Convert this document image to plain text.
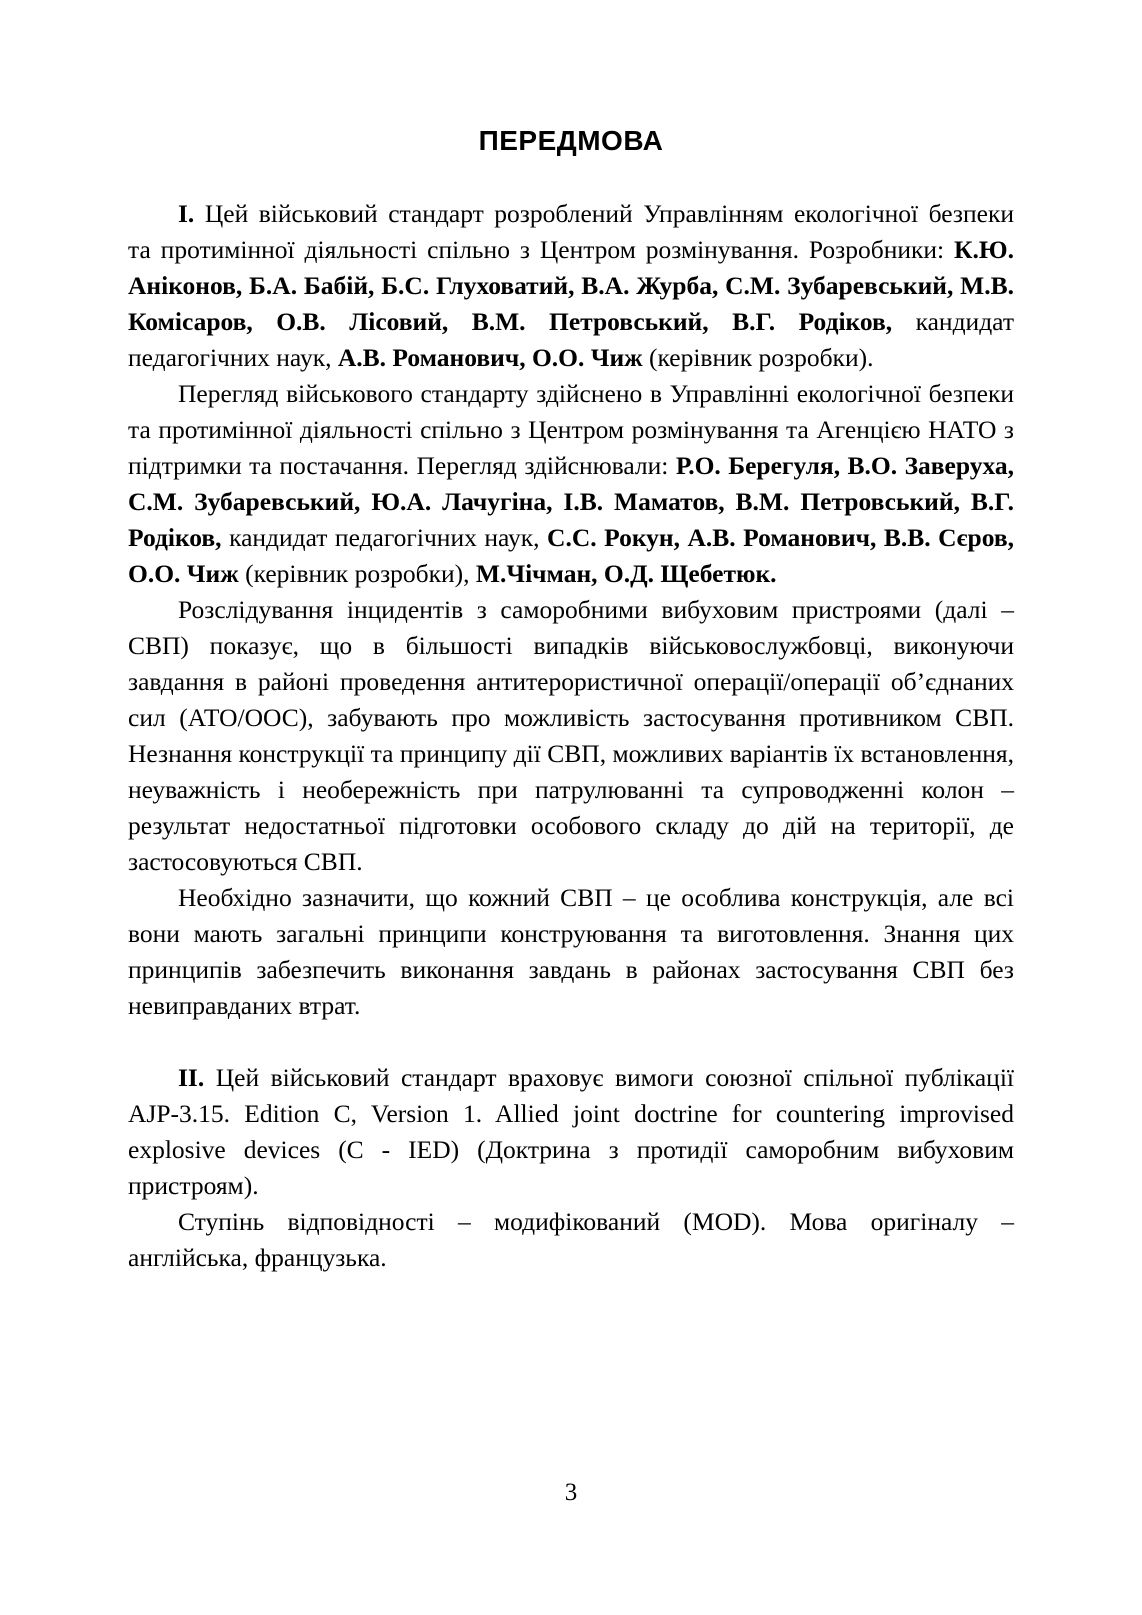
ПЕРЕДМОВА

I. Цей військовий стандарт розроблений Управлінням екологічної безпеки та протимінної діяльності спільно з Центром розмінування. Розробники: К.Ю. Аніконов, Б.А. Бабій, Б.С. Глуховатий, В.А. Журба, С.М. Зубаревський, М.В. Комісаров, О.В. Лісовий, В.М. Петровський, В.Г. Родіков, кандидат педагогічних наук, А.В. Романович, О.О. Чиж (керівник розробки).

Перегляд військового стандарту здійснено в Управлінні екологічної безпеки та протимінної діяльності спільно з Центром розмінування та Агенцією НАТО з підтримки та постачання. Перегляд здійснювали: Р.О. Берегуля, В.О. Заверуха, С.М. Зубаревський, Ю.А. Лачугіна, І.В. Маматов, В.М. Петровський, В.Г. Родіков, кандидат педагогічних наук, С.С. Рокун, А.В. Романович, В.В. Сєров, О.О. Чиж (керівник розробки), М.Чічман, О.Д. Щебетюк.

Розслідування інцидентів з саморобними вибуховим пристроями (далі – СВП) показує, що в більшості випадків військовослужбовці, виконуючи завдання в районі проведення антитерористичної операції/операції об’єднаних сил (АТО/ООС), забувають про можливість застосування противником СВП. Незнання конструкції та принципу дії СВП, можливих варіантів їх встановлення, неуважність і необережність при патрулюванні та супроводженні колон – результат недостатньої підготовки особового складу до дій на території, де застосовуються СВП.

Необхідно зазначити, що кожний СВП – це особлива конструкція, але всі вони мають загальні принципи конструювання та виготовлення. Знання цих принципів забезпечить виконання завдань в районах застосування СВП без невиправданих втрат.

II. Цей військовий стандарт враховує вимоги союзної спільної публікації AJP-3.15. Edition C, Version 1. Allied joint doctrine for countering improvised explosive devices (C - IED) (Доктрина з протидії саморобним вибуховим пристроям).

Ступінь відповідності – модифікований (MOD). Мова оригіналу – англійська, французька.

3
